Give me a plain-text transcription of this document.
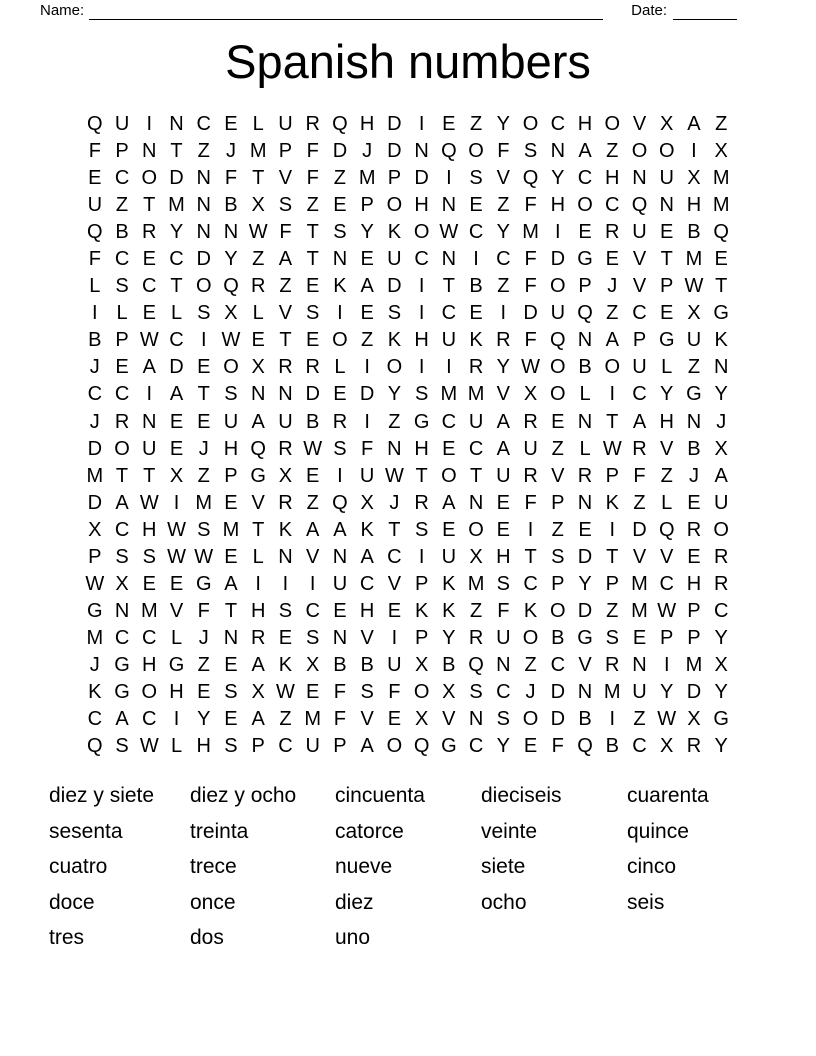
Name:	Date:
Spanish numbers
Q U I N C E L U R Q H D I E Z Y O C H O V X A Z
F P N T Z J M P F D J D N Q O F S N A Z O O I X
E C O D N F T V F Z M P D I S V Q Y C H N U X M
U Z T M N B X S Z E P O H N E Z F H O C Q N H M
Q B R Y N N W F T S Y K O W C Y M I E R U E B Q
F C E C D Y Z A T N E U C N I C F D G E V T M E
L S C T O Q R Z E K A D I T B Z F O P J V P W T
I L E L S X L V S I E S I C E I D U Q Z C E X G
B P W C I W E T E O Z K H U K R F Q N A P G U K
J E A D E O X R R L I O I	I R Y W O B O U L Z N
C C I A T S N N D E D Y S M M V X O L I C Y G Y
J R N E E U A U B R I Z G C U A R E N T A H N J
D O U E J H Q R W S F N H E C A U Z L W R V B X
M T T X Z P G X E I U W T O T U R V R P F Z J A
D A W I M E V R Z Q X J R A N E F P N K Z L E U
X C H W S M T K A A K T S E O E I Z E I D Q R O
P S S W W E L N V N A C I U X H T S D T V V E R
W X E E G A I	I	I U C V P K M S C P Y P M C H R
G N M V F T H S C E H E K K Z F K O D Z M W P C
M C C L J N R E S N V I P Y R U O B G S E P P Y
J G H G Z E A K X B B U X B Q N Z C V R N I M X
K G O H E S X W E F S F O X S C J D N M U Y D Y
C A C I Y E A Z M F V E X V N S O D B I Z W X G
Q S W L H S P C U P A O Q G C Y E F Q B C X R Y
diez y siete	diez y ocho	cincuenta	dieciseis	cuarenta
sesenta	treinta	catorce	veinte	quince
cuatro	trece	nueve	siete	cinco
doce	once	diez	ocho	seis
tres	dos	uno
